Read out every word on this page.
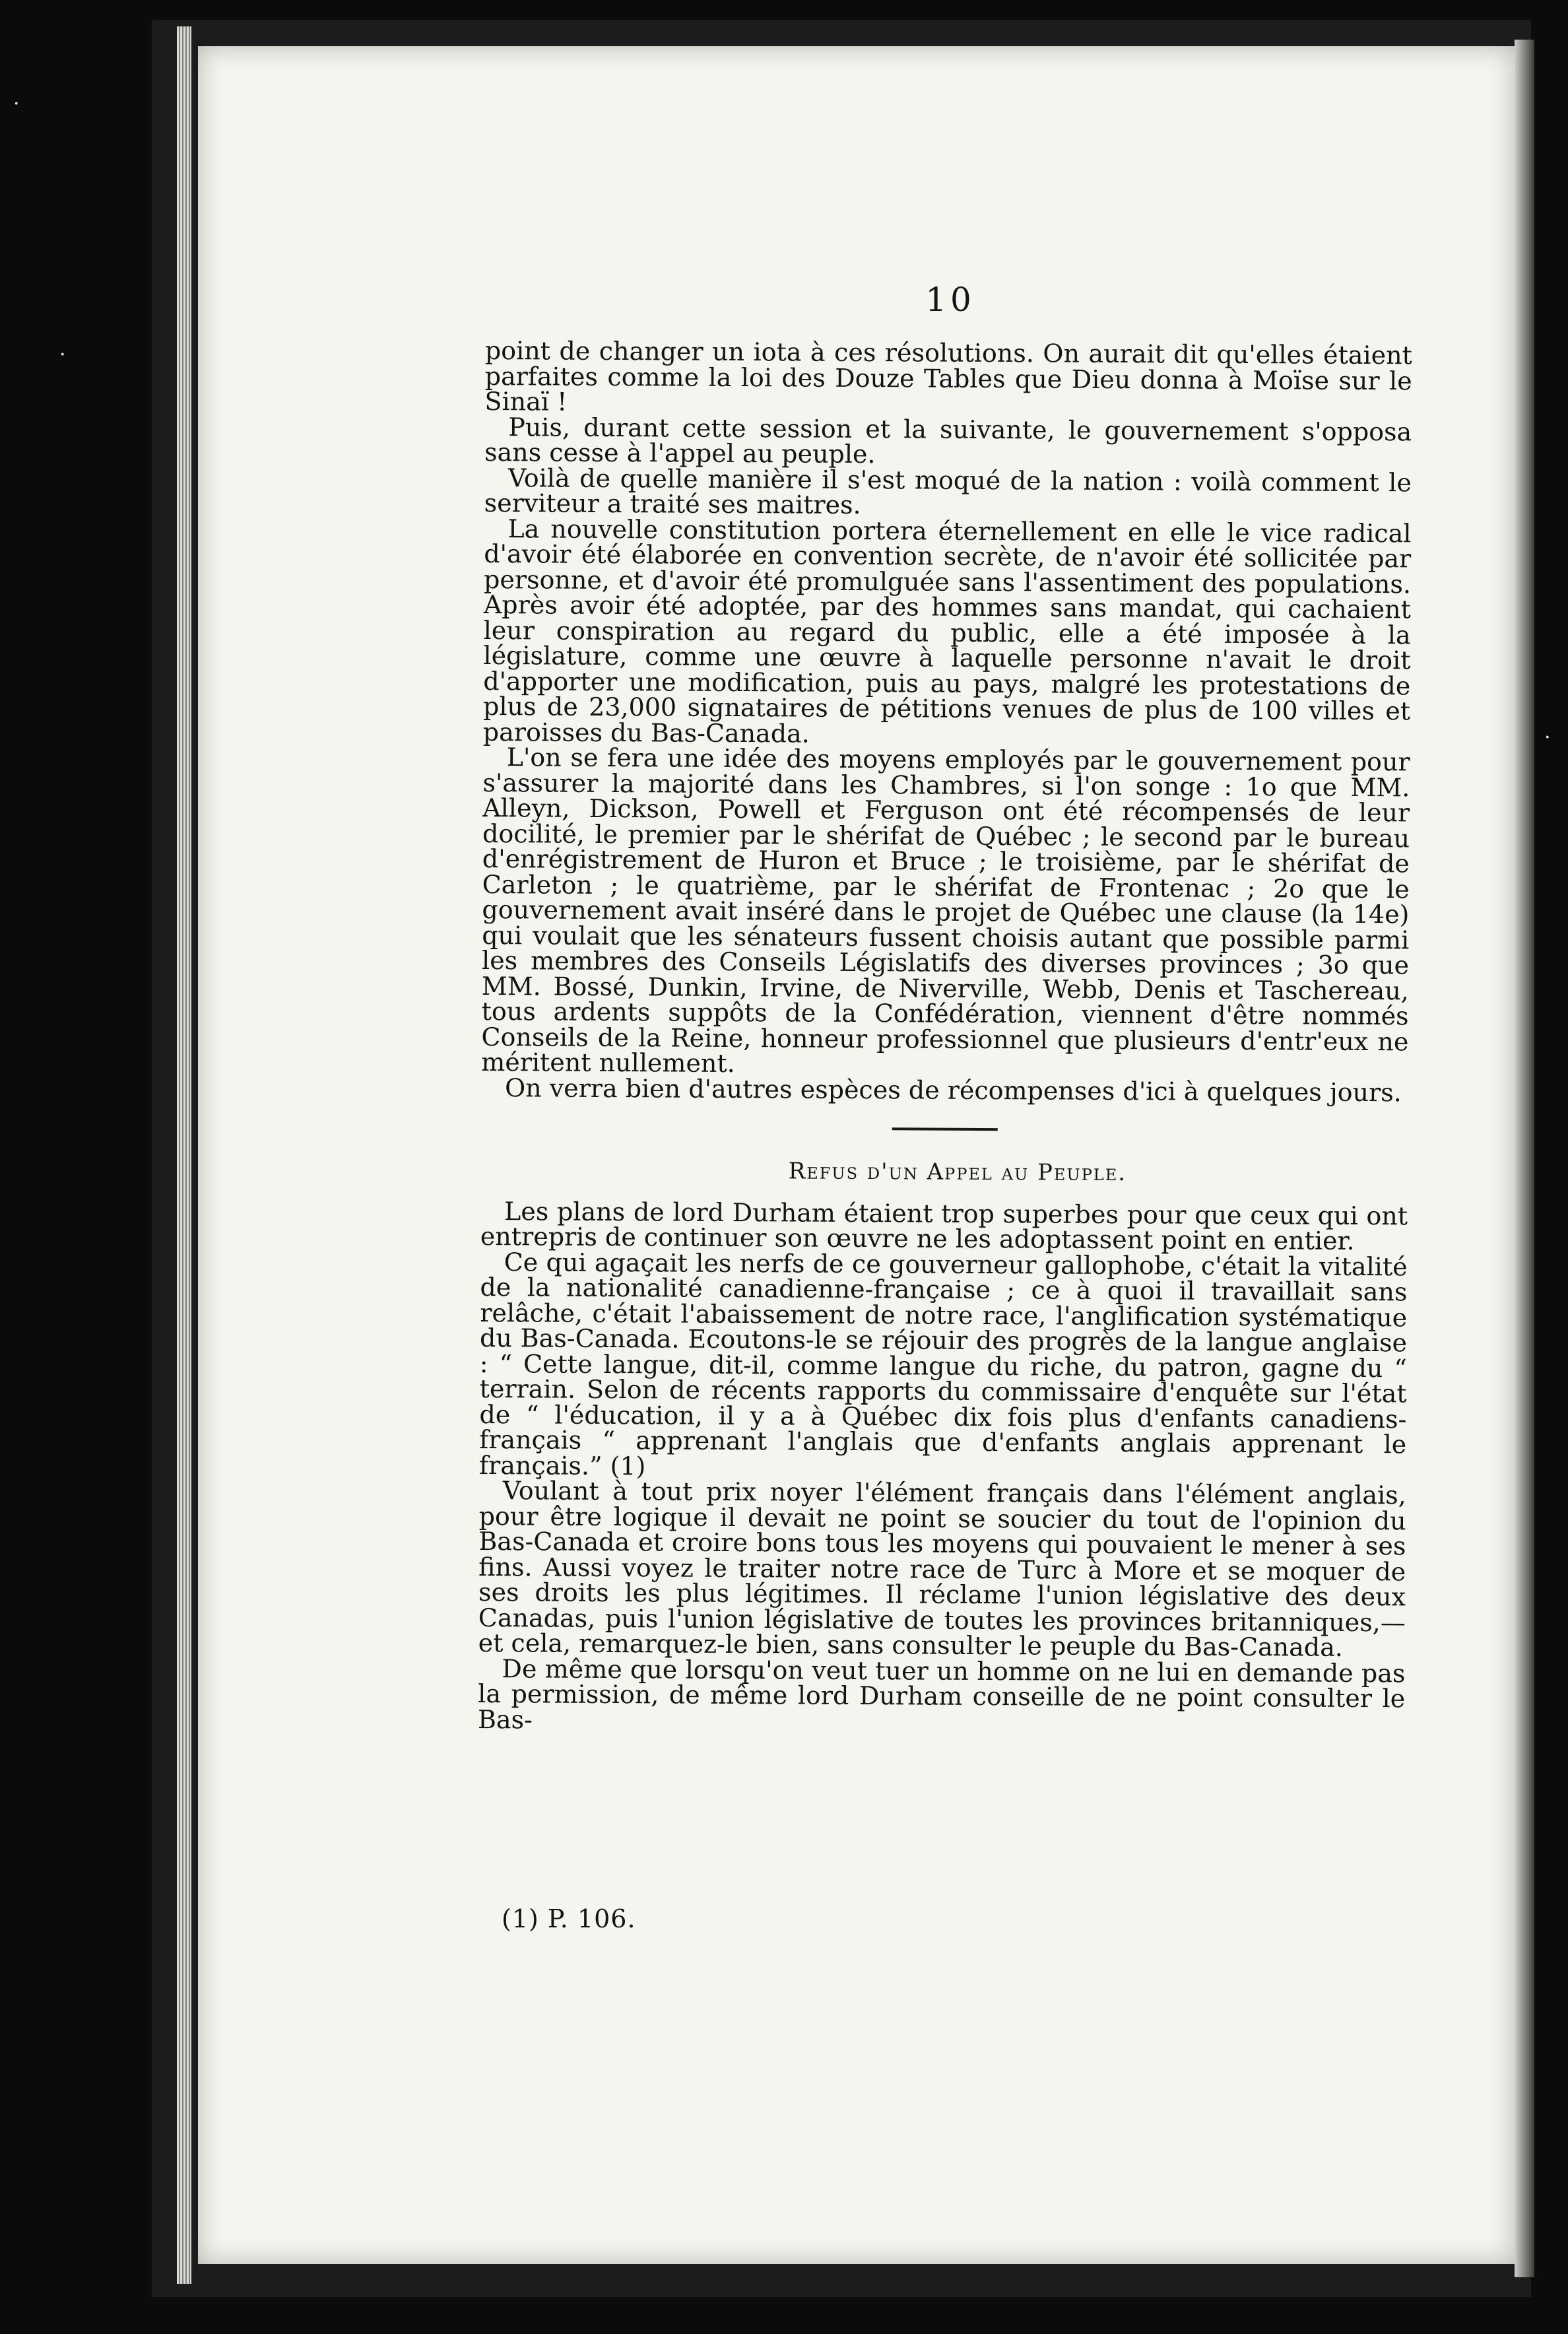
·
·
·
10

point de changer un iota à ces résolutions. On aurait dit qu'elles étaient parfaites comme la loi des Douze Tables que Dieu donna à Moïse sur le Sinaï !

Puis, durant cette session et la suivante, le gouvernement s'opposa sans cesse à l'appel au peuple.

Voilà de quelle manière il s'est moqué de la nation : voilà comment le serviteur a traité ses maitres.

La nouvelle constitution portera éternellement en elle le vice radical d'avoir été élaborée en convention secrète, de n'avoir été sollicitée par personne, et d'avoir été promulguée sans l'assentiment des populations. Après avoir été adoptée, par des hommes sans mandat, qui cachaient leur conspiration au regard du public, elle a été imposée à la législature, comme une œuvre à laquelle personne n'avait le droit d'apporter une modification, puis au pays, malgré les protestations de plus de 23,000 signataires de pétitions venues de plus de 100 villes et paroisses du Bas-Canada.

L'on se fera une idée des moyens employés par le gouvernement pour s'assurer la majorité dans les Chambres, si l'on songe : 1o que MM. Alleyn, Dickson, Powell et Ferguson ont été récompensés de leur docilité, le premier par le shérifat de Québec ; le second par le bureau d'enrégistrement de Huron et Bruce ; le troisième, par le shérifat de Carleton ; le quatrième, par le shérifat de Frontenac ; 2o que le gouvernement avait inséré dans le projet de Québec une clause (la 14e) qui voulait que les sénateurs fussent choisis autant que possible parmi les membres des Conseils Législatifs des diverses provinces ; 3o que MM. Bossé, Dunkin, Irvine, de Niverville, Webb, Denis et Taschereau, tous ardents suppôts de la Confédération, viennent d'être nommés Conseils de la Reine, honneur professionnel que plusieurs d'entr'eux ne méritent nullement.

On verra bien d'autres espèces de récompenses d'ici à quelques jours.

Refus d'un Appel au Peuple.

Les plans de lord Durham étaient trop superbes pour que ceux qui ont entrepris de continuer son œuvre ne les adoptassent point en entier.

Ce qui agaçait les nerfs de ce gouverneur gallophobe, c'était la vitalité de la nationalité canadienne-française ; ce à quoi il travaillait sans relâche, c'était l'abaissement de notre race, l'anglification systématique du Bas-Canada. Ecoutons-le se réjouir des progrès de la langue anglaise : “ Cette langue, dit-il, comme langue du riche, du patron, gagne du “ terrain. Selon de récents rapports du commissaire d'enquête sur l'état de “ l'éducation, il y a à Québec dix fois plus d'enfants canadiens-français “ apprenant l'anglais que d'enfants anglais apprenant le français.” (1)

Voulant à tout prix noyer l'élément français dans l'élément anglais, pour être logique il devait ne point se soucier du tout de l'opinion du Bas-Canada et croire bons tous les moyens qui pouvaient le mener à ses fins. Aussi voyez le traiter notre race de Turc à More et se moquer de ses droits les plus légitimes. Il réclame l'union législative des deux Canadas, puis l'union législative de toutes les provinces britanniques,—et cela, remarquez-le bien, sans consulter le peuple du Bas-Canada.

De même que lorsqu'on veut tuer un homme on ne lui en demande pas la permission, de même lord Durham conseille de ne point consulter le Bas-

(1) P. 106.
